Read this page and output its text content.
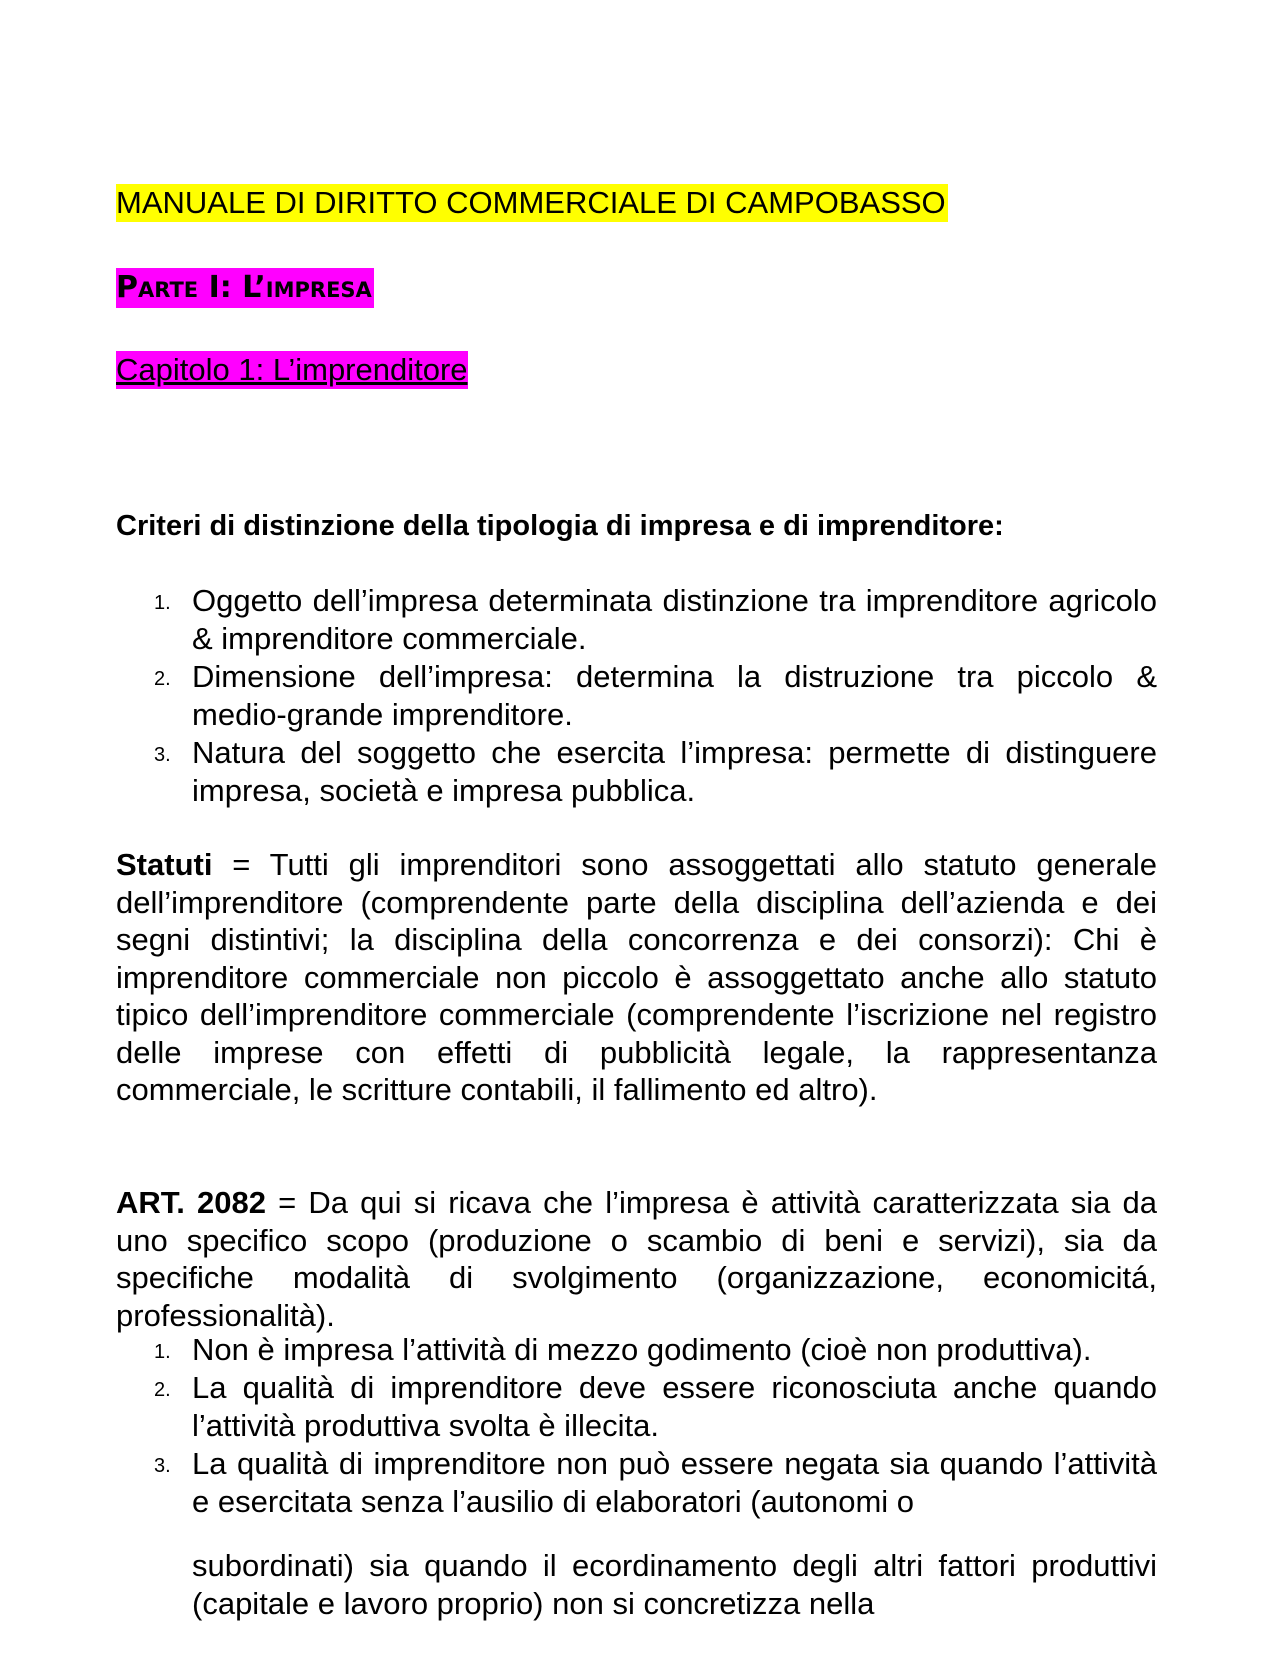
MANUALE DI DIRITTO COMMERCIALE DI CAMPOBASSO
Parte I: L’impresa
Capitolo 1: L’imprenditore
Criteri di distinzione della tipologia di impresa e di imprenditore:
1. Oggetto dell’impresa determinata distinzione tra imprenditore agricolo & imprenditore commerciale.
2. Dimensione dell’impresa: determina la distruzione tra piccolo & medio-grande imprenditore.
3. Natura del soggetto che esercita l’impresa: permette di distinguere impresa, società e impresa pubblica.

Statuti = Tutti gli imprenditori sono assoggettati allo statuto generale dell’imprenditore (comprendente parte della disciplina dell’azienda e dei segni distintivi; la disciplina della concorrenza e dei consorzi): Chi è imprenditore commerciale non piccolo è assoggettato anche allo statuto tipico dell’imprenditore commerciale (comprendente l’iscrizione nel registro delle imprese con effetti di pubblicità legale, la rappresentanza commerciale, le scritture contabili, il fallimento ed altro).

ART. 2082 = Da qui si ricava che l’impresa è attività caratterizzata sia da uno specifico scopo (produzione o scambio di beni e servizi), sia da specifiche modalità di svolgimento (organizzazione, economicitá, professionalità).

1. Non è impresa l’attività di mezzo godimento (cioè non produttiva).
2. La qualità di imprenditore deve essere riconosciuta anche quando l’attività produttiva svolta è illecita.
3. La qualità di imprenditore non può essere negata sia quando l’attività e esercitata senza l’ausilio di elaboratori (autonomi o
subordinati) sia quando il ecordinamento degli altri fattori produttivi (capitale e lavoro proprio) non si concretizza nella
